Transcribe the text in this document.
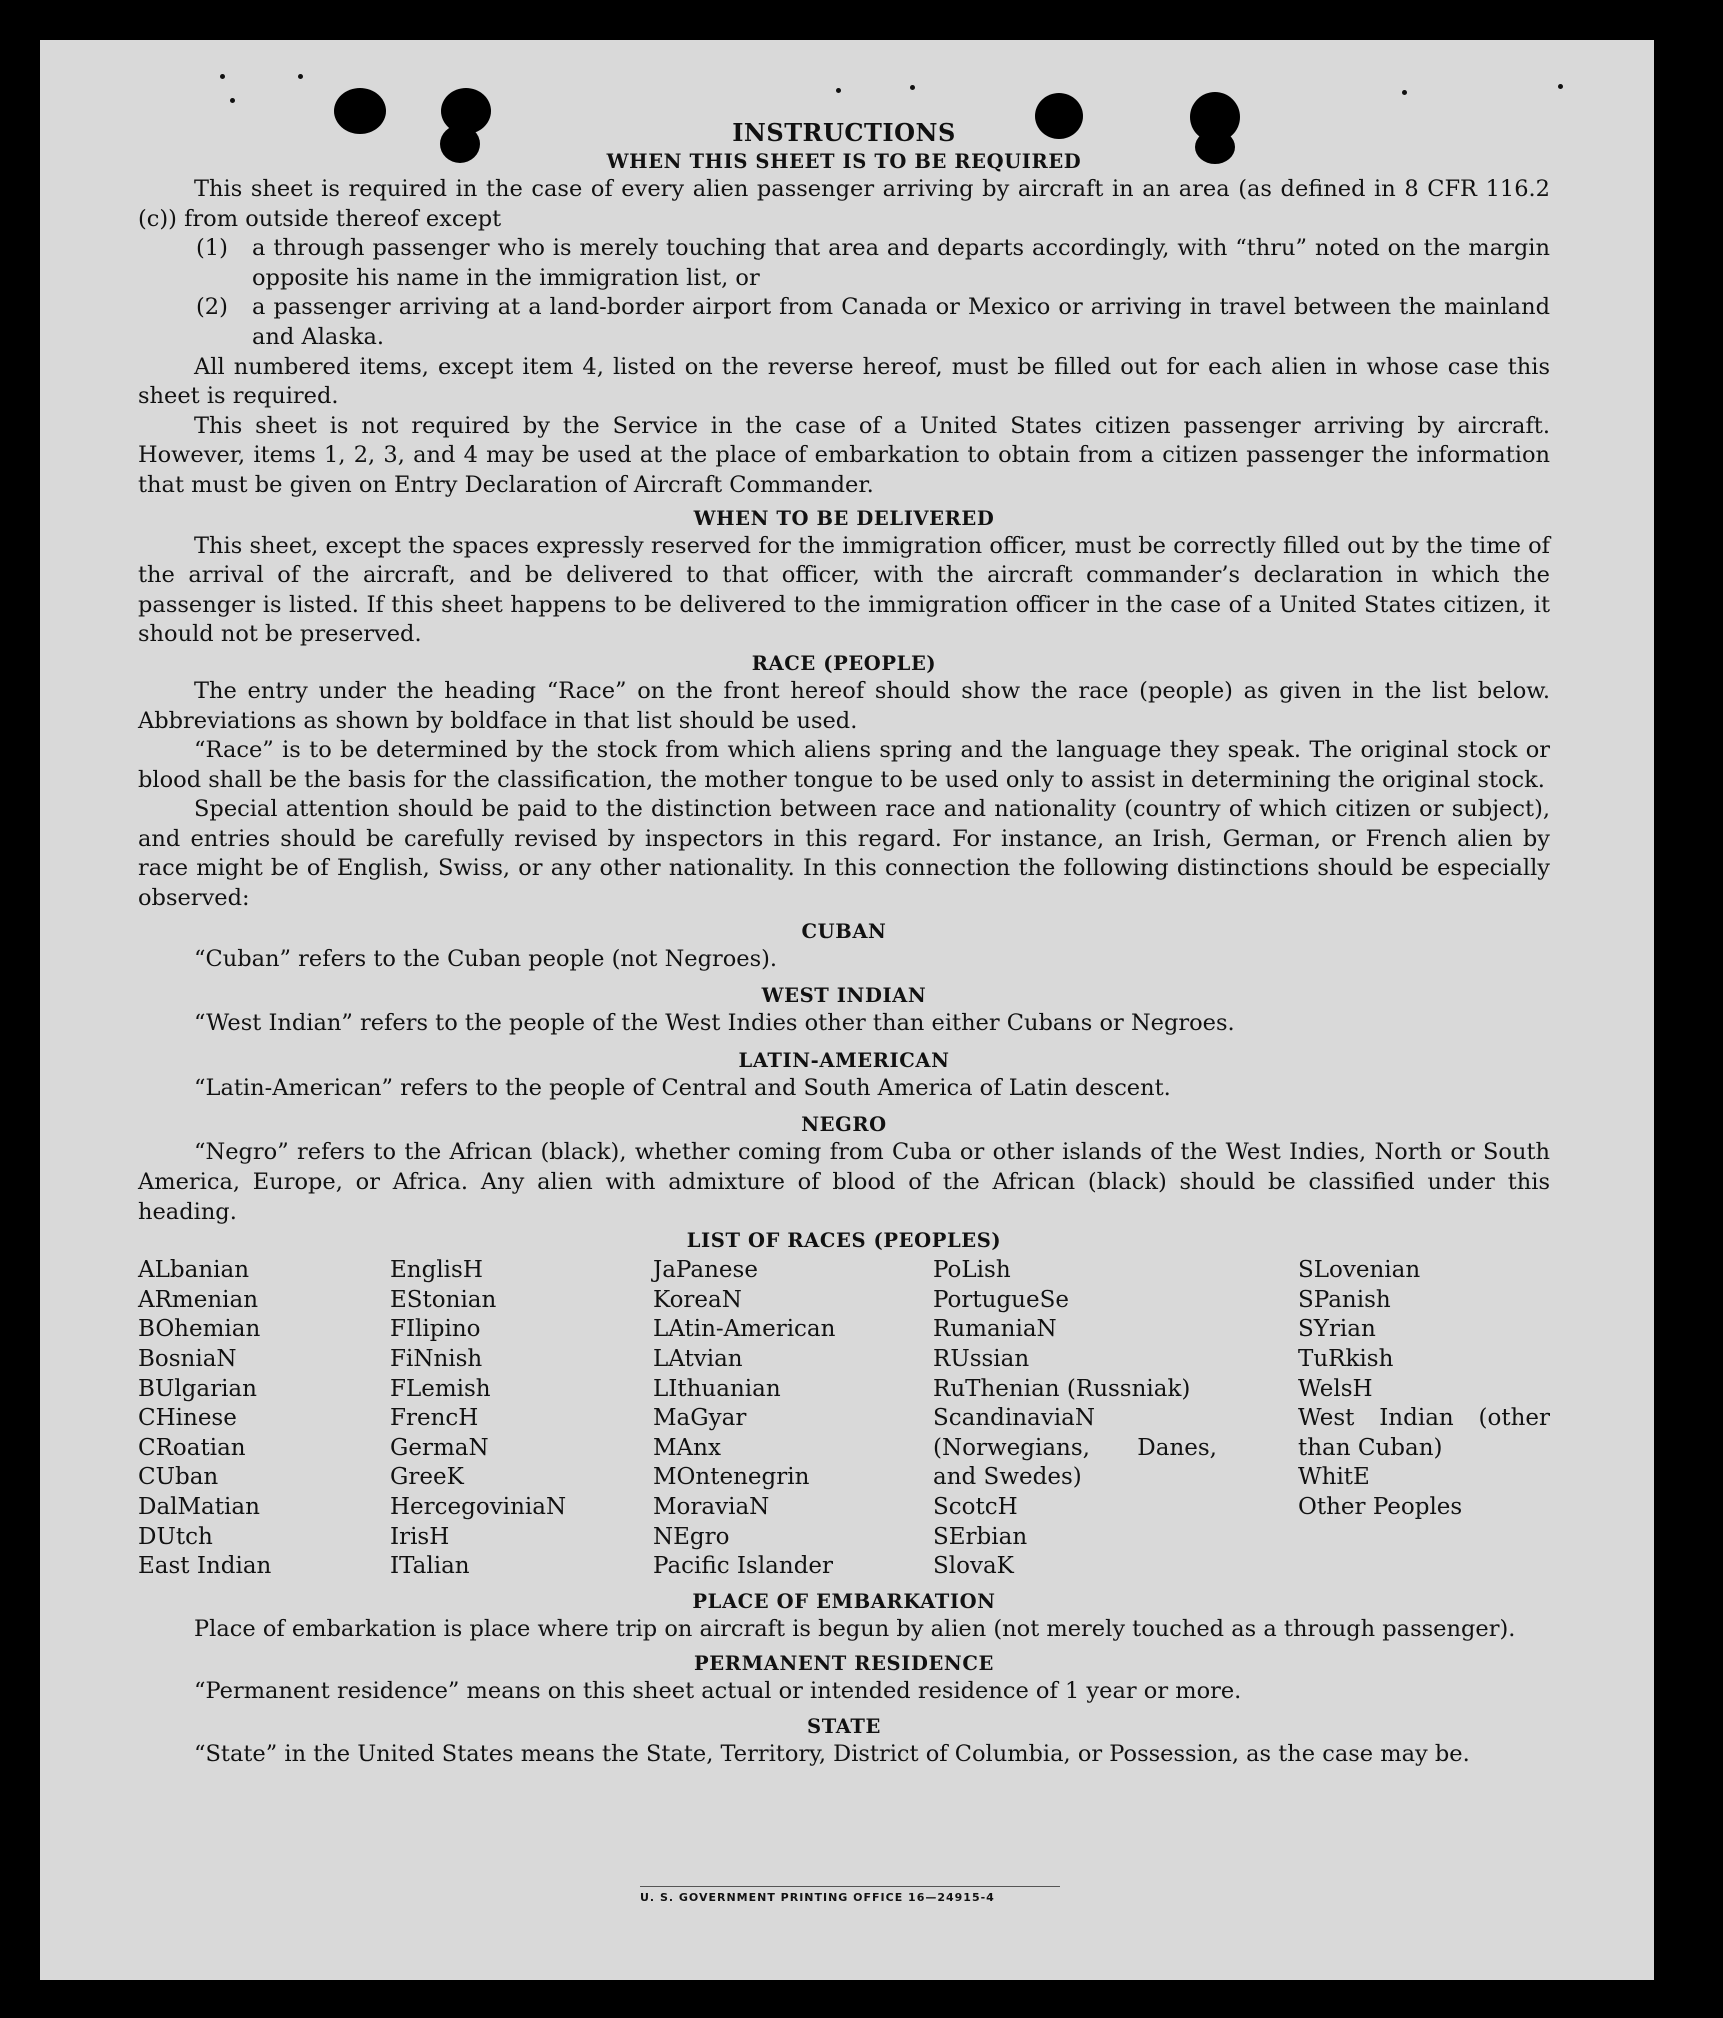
INSTRUCTIONS
WHEN THIS SHEET IS TO BE REQUIRED

This sheet is required in the case of every alien passenger arriving by aircraft in an area (as defined in 8 CFR 116.2 (c)) from outside thereof except

(1)	a through passenger who is merely touching that area and departs accordingly, with “thru” noted on the margin opposite his name in the immigration list, or

(2)	a passenger arriving at a land-border airport from Canada or Mexico or arriving in travel between the mainland and Alaska.

All numbered items, except item 4, listed on the reverse hereof, must be filled out for each alien in whose case this sheet is required.

This sheet is not required by the Service in the case of a United States citizen passenger arriving by aircraft. However, items 1, 2, 3, and 4 may be used at the place of embarkation to obtain from a citizen passenger the information that must be given on Entry Declaration of Aircraft Commander.

WHEN TO BE DELIVERED

This sheet, except the spaces expressly reserved for the immigration officer, must be correctly filled out by the time of the arrival of the aircraft, and be delivered to that officer, with the aircraft commander’s declaration in which the passenger is listed. If this sheet happens to be delivered to the immigration officer in the case of a United States citizen, it should not be preserved.

RACE (PEOPLE)

The entry under the heading “Race” on the front hereof should show the race (people) as given in the list below. Abbreviations as shown by boldface in that list should be used.

“Race” is to be determined by the stock from which aliens spring and the language they speak. The original stock or blood shall be the basis for the classification, the mother tongue to be used only to assist in determining the original stock.

Special attention should be paid to the distinction between race and nationality (country of which citizen or subject), and entries should be carefully revised by inspectors in this regard. For instance, an Irish, German, or French alien by race might be of English, Swiss, or any other nationality. In this connection the following distinctions should be especially observed:

CUBAN

“Cuban” refers to the Cuban people (not Negroes).

WEST INDIAN

“West Indian” refers to the people of the West Indies other than either Cubans or Negroes.

LATIN-AMERICAN

“Latin-American” refers to the people of Central and South America of Latin descent.

NEGRO

“Negro” refers to the African (black), whether coming from Cuba or other islands of the West Indies, North or South America, Europe, or Africa. Any alien with admixture of blood of the African (black) should be classified under this heading.

LIST OF RACES (PEOPLES)
ALbanian
ARmenian
BOhemian
BosniaN
BUlgarian
CHinese
CRoatian
CUban
DalMatian
DUtch
East Indian
EnglisH
EStonian
FIlipino
FiNnish
FLemish
FrencH
GermaN
GreeK
HercegoviniaN
IrisH
ITalian
JaPanese
KoreaN
LAtin-American
LAtvian
LIthuanian
MaGyar
MAnx
MOntenegrin
MoraviaN
NEgro
Pacific Islander
PoLish
PortugueSe
RumaniaN
RUssian
RuThenian (Russniak)
ScandinaviaN (Norwegians, Danes, and Swedes)
ScotcH
SErbian
SlovaK
SLovenian
SPanish
SYrian
TuRkish
WelsH
West Indian (other than Cuban)
WhitE
Other Peoples
PLACE OF EMBARKATION

Place of embarkation is place where trip on aircraft is begun by alien (not merely touched as a through passenger).

PERMANENT RESIDENCE

“Permanent residence” means on this sheet actual or intended residence of 1 year or more.

STATE

“State” in the United States means the State, Territory, District of Columbia, or Possession, as the case may be.

U. S. GOVERNMENT PRINTING OFFICE 16—24915-4
